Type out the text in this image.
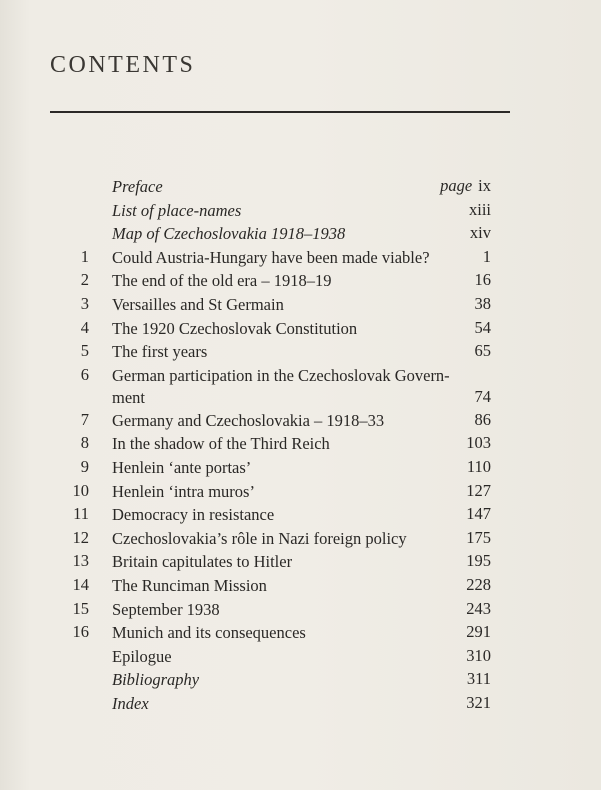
CONTENTS
Preface	page ix
List of place-names	xiii
Map of Czechoslovakia 1918–1938	xiv
1 Could Austria-Hungary have been made viable?	1
2 The end of the old era – 1918–19	16
3 Versailles and St Germain	38
4 The 1920 Czechoslovak Constitution	54
5 The first years	65
6 German participation in the Czechoslovak Govern-ment	74
7 Germany and Czechoslovakia – 1918–33	86
8 In the shadow of the Third Reich	103
9 Henlein ‘ante portas’	110
10 Henlein ‘intra muros’	127
11 Democracy in resistance	147
12 Czechoslovakia’s rôle in Nazi foreign policy	175
13 Britain capitulates to Hitler	195
14 The Runciman Mission	228
15 September 1938	243
16 Munich and its consequences	291
Epilogue	310
Bibliography	311
Index	321
